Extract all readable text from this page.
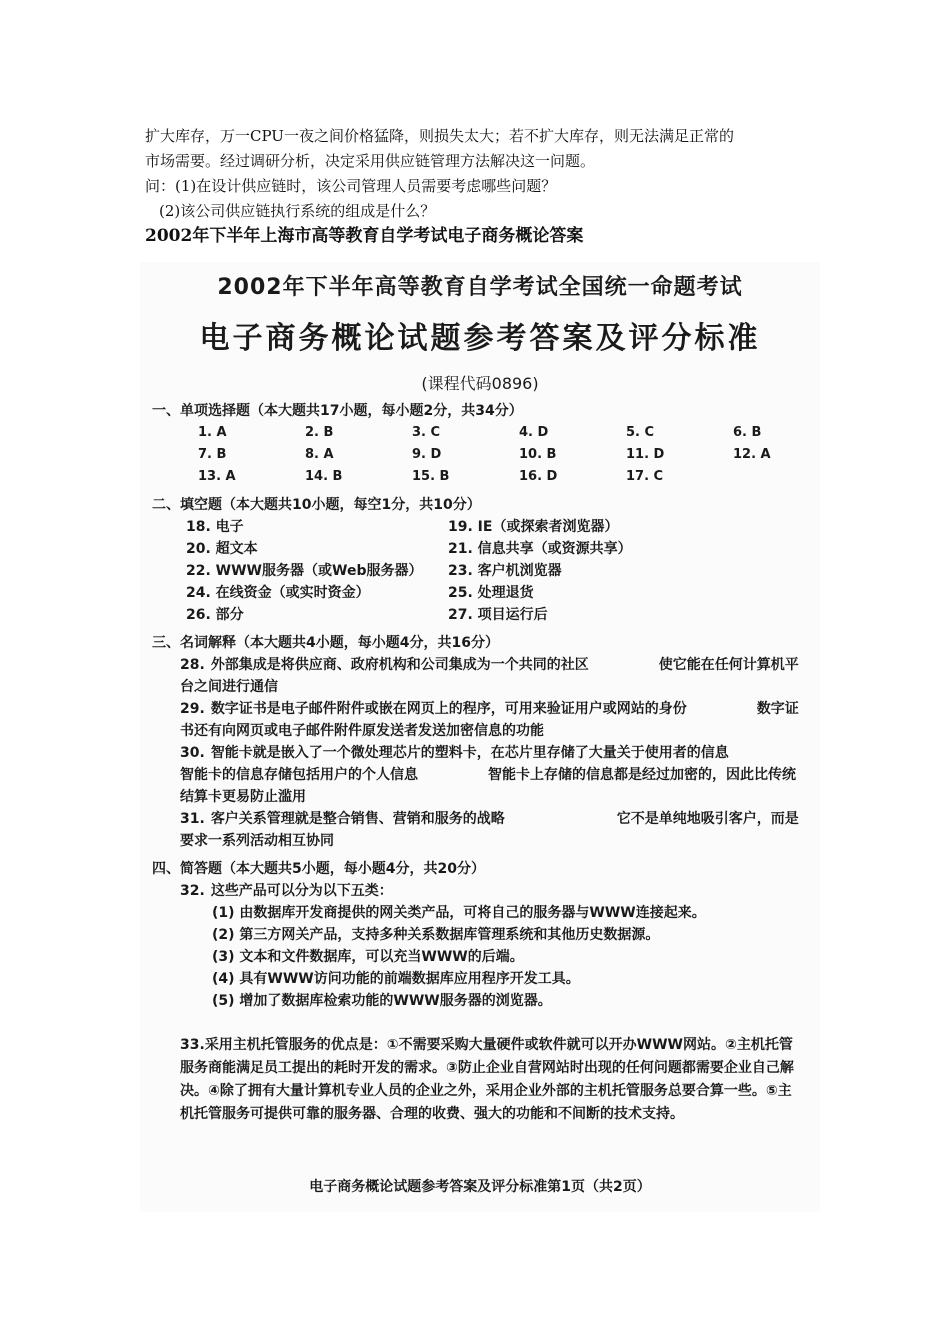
扩大库存，万一CPU一夜之间价格猛降，则损失太大；若不扩大库存，则无法满足正常的

市场需要。经过调研分析，决定采用供应链管理方法解决这一问题。

问：(1)在设计供应链时，该公司管理人员需要考虑哪些问题？

(2)该公司供应链执行系统的组成是什么？

2002年下半年上海市高等教育自学考试电子商务概论答案

2002年下半年高等教育自学考试全国统一命题考试
电子商务概论试题参考答案及评分标准
(课程代码0896)
一、单项选择题（本大题共17小题，每小题2分，共34分）
1. A	2. B	3. C	4. D	5. C	6. B
7. B	8. A	9. D	10. B	11. D	12. A
13. A	14. B	15. B	16. D	17. C
二、填空题（本大题共10小题，每空1分，共10分）
18. 电子	19. IE（或探索者浏览器）
20. 超文本	21. 信息共享（或资源共享）
22. WWW服务器（或Web服务器）	23. 客户机浏览器
24. 在线资金（或实时资金）	25. 处理退货
26. 部分	27. 项目运行后
三、名词解释（本大题共4小题，每小题4分，共16分）
28. 外部集成是将供应商、政府机构和公司集成为一个共同的社区　　　　　使它能在任何计算机平台之间进行通信
29. 数字证书是电子邮件附件或嵌在网页上的程序，可用来验证用户或网站的身份　　　　　数字证书还有向网页或电子邮件附件原发送者发送加密信息的功能
30. 智能卡就是嵌入了一个微处理芯片的塑料卡，在芯片里存储了大量关于使用者的信息　　　　　智能卡的信息存储包括用户的个人信息　　　　　智能卡上存储的信息都是经过加密的，因此比传统结算卡更易防止滥用
31. 客户关系管理就是整合销售、营销和服务的战略　　　　　　　　它不是单纯地吸引客户，而是要求一系列活动相互协同
四、简答题（本大题共5小题，每小题4分，共20分）
32. 这些产品可以分为以下五类：
(1) 由数据库开发商提供的网关类产品，可将自己的服务器与WWW连接起来。
(2) 第三方网关产品，支持多种关系数据库管理系统和其他历史数据源。
(3) 文本和文件数据库，可以充当WWW的后端。
(4) 具有WWW访问功能的前端数据库应用程序开发工具。
(5) 增加了数据库检索功能的WWW服务器的浏览器。
33.采用主机托管服务的优点是：①不需要采购大量硬件或软件就可以开办WWW网站。②主机托管服务商能满足员工提出的耗时开发的需求。③防止企业自营网站时出现的任何问题都需要企业自己解决。④除了拥有大量计算机专业人员的企业之外，采用企业外部的主机托管服务总要合算一些。⑤主机托管服务可提供可靠的服务器、合理的收费、强大的功能和不间断的技术支持。
电子商务概论试题参考答案及评分标准第1页（共2页）
